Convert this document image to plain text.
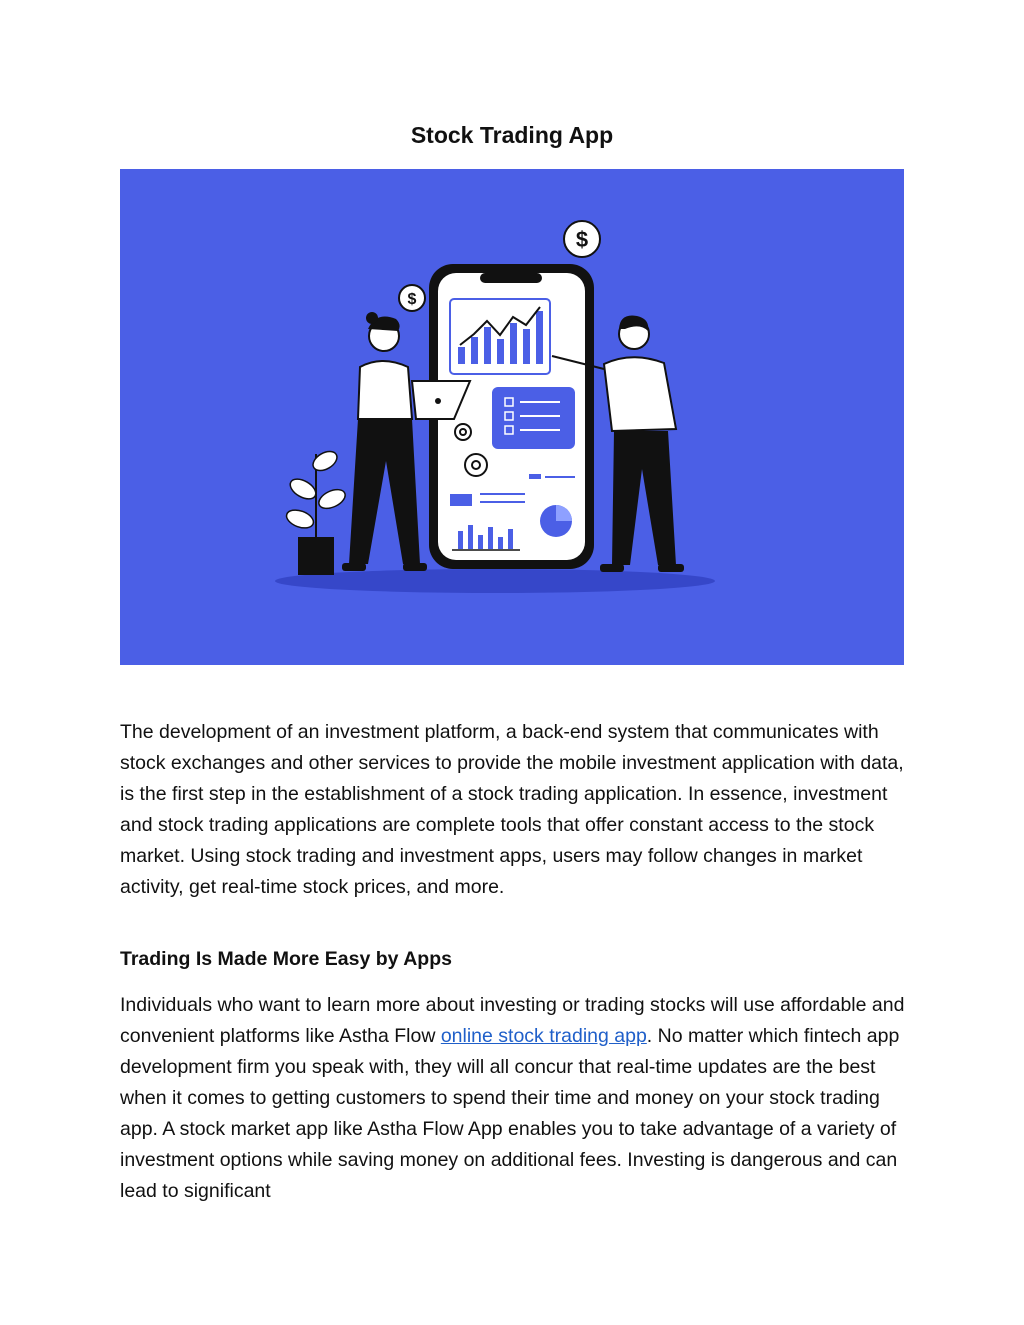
Stock Trading App
$
$

The development of an investment platform, a back-end system that communicates with stock exchanges and other services to provide the mobile investment application with data, is the first step in the establishment of a stock trading application. In essence, investment and stock trading applications are complete tools that offer constant access to the stock market. Using stock trading and investment apps, users may follow changes in market activity, get real-time stock prices, and more.

Trading Is Made More Easy by Apps

Individuals who want to learn more about investing or trading stocks will use affordable and convenient platforms like Astha Flow online stock trading app. No matter which fintech app development firm you speak with, they will all concur that real-time updates are the best when it comes to getting customers to spend their time and money on your stock trading app. A stock market app like Astha Flow App enables you to take advantage of a variety of investment options while saving money on additional fees. Investing is dangerous and can lead to significant
